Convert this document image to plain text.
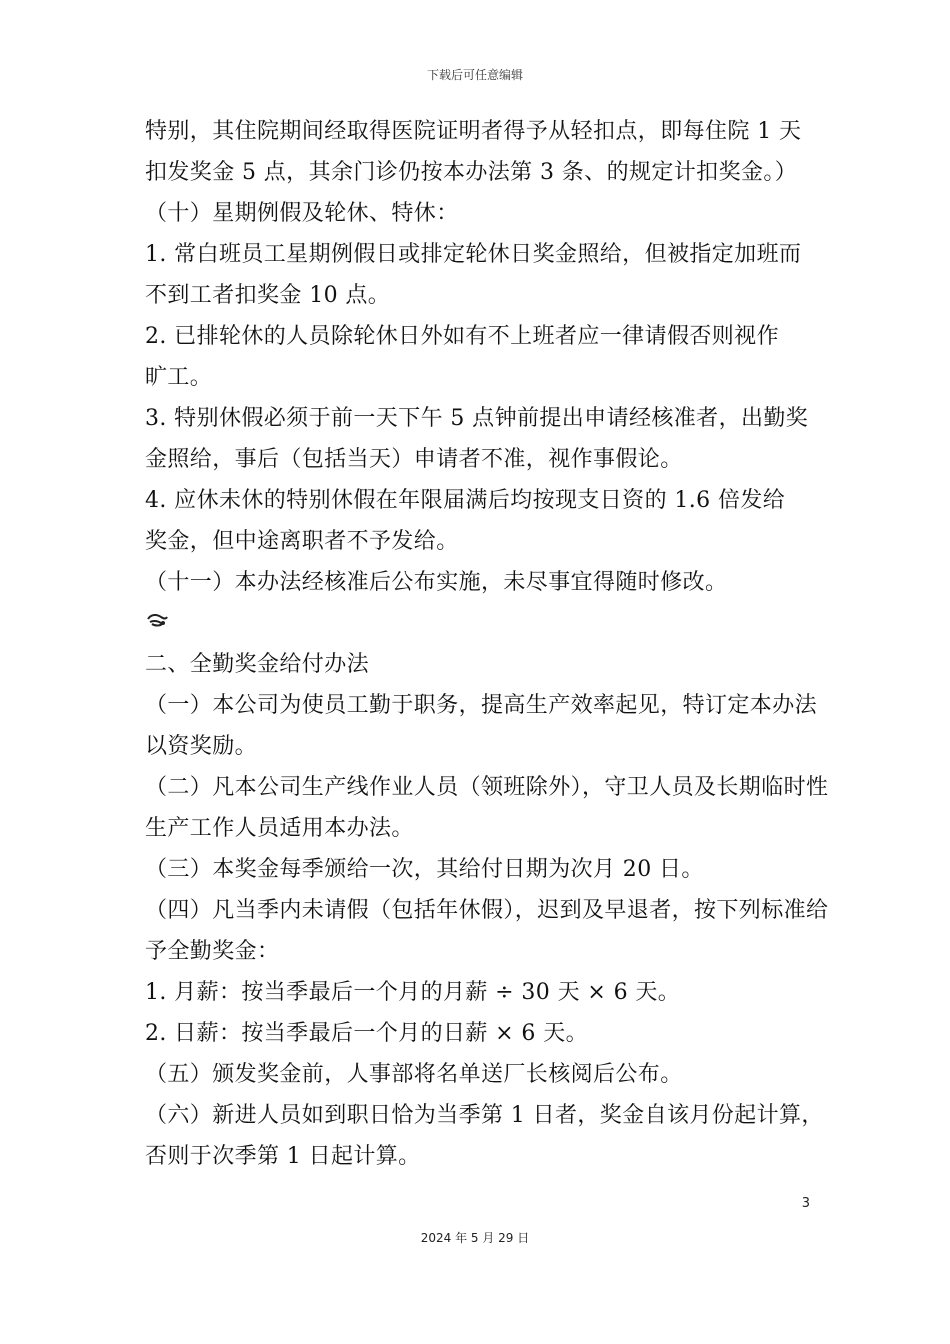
下载后可任意编辑
特别，其住院期间经取得医院证明者得予从轻扣点，即每住院 1 天
扣发奖金 5 点，其余门诊仍按本办法第 3 条、的规定计扣奖金。）
（十）星期例假及轮休、特休：
1. 常白班员工星期例假日或排定轮休日奖金照给，但被指定加班而
不到工者扣奖金 10 点。
2. 已排轮休的人员除轮休日外如有不上班者应一律请假否则视作
旷工。
3. 特别休假必须于前一天下午 5 点钟前提出申请经核准者，出勤奖
金照给，事后（包括当天）申请者不准，视作事假论。
4. 应休未休的特别休假在年限届满后均按现支日资的 1.6 倍发给
奖金，但中途离职者不予发给。
（十一）本办法经核准后公布实施，未尽事宜得随时修改。
二、全勤奖金给付办法
（一）本公司为使员工勤于职务，提高生产效率起见，特订定本办法
以资奖励。
（二）凡本公司生产线作业人员（领班除外），守卫人员及长期临时性
生产工作人员适用本办法。
（三）本奖金每季颁给一次，其给付日期为次月 20 日。
（四）凡当季内未请假（包括年休假），迟到及早退者，按下列标准给
予全勤奖金：
1. 月薪：按当季最后一个月的月薪 ÷ 30 天 × 6 天。
2. 日薪：按当季最后一个月的日薪 × 6 天。
（五）颁发奖金前，人事部将名单送厂长核阅后公布。
（六）新进人员如到职日恰为当季第 1 日者，奖金自该月份起计算，
否则于次季第 1 日起计算。
3
2024 年 5 月 29 日
